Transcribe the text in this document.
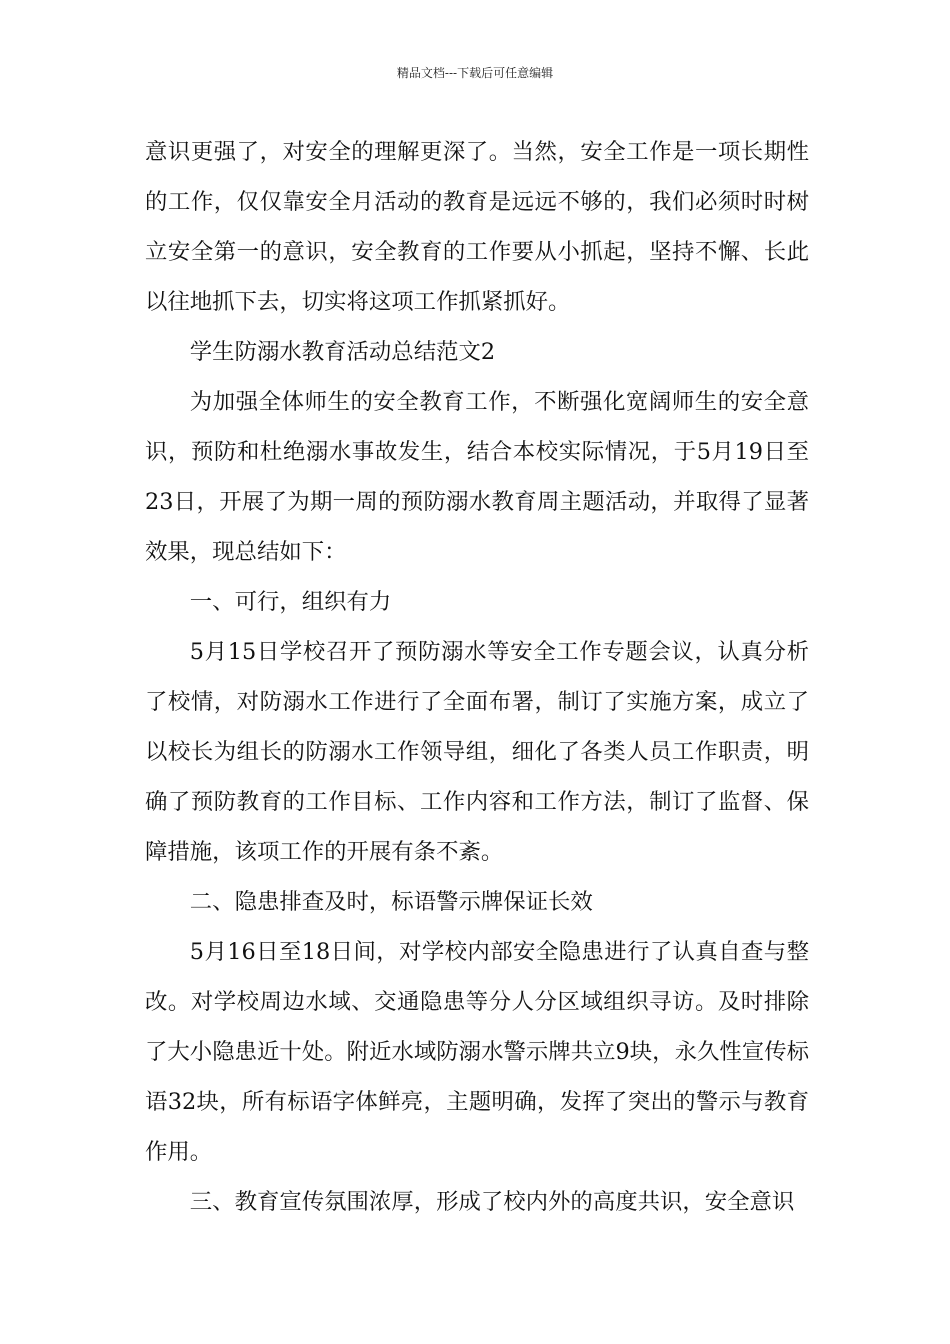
精品文档---下载后可任意编辑

意识更强了，对安全的理解更深了。当然，安全工作是一项长期性的工作，仅仅靠安全月活动的教育是远远不够的，我们必须时时树立安全第一的意识，安全教育的工作要从小抓起，坚持不懈、长此以往地抓下去，切实将这项工作抓紧抓好。

学生防溺水教育活动总结范文2

为加强全体师生的安全教育工作，不断强化宽阔师生的安全意识，预防和杜绝溺水事故发生，结合本校实际情况，于5月19日至23日，开展了为期一周的预防溺水教育周主题活动，并取得了显著效果，现总结如下：

一、可行，组织有力

5月15日学校召开了预防溺水等安全工作专题会议，认真分析了校情，对防溺水工作进行了全面布署，制订了实施方案，成立了以校长为组长的防溺水工作领导组，细化了各类人员工作职责，明确了预防教育的工作目标、工作内容和工作方法，制订了监督、保障措施，该项工作的开展有条不紊。

二、隐患排查及时，标语警示牌保证长效

5月16日至18日间，对学校内部安全隐患进行了认真自查与整改。对学校周边水域、交通隐患等分人分区域组织寻访。及时排除了大小隐患近十处。附近水域防溺水警示牌共立9块，永久性宣传标语32块，所有标语字体鲜亮，主题明确，发挥了突出的警示与教育作用。

三、教育宣传氛围浓厚，形成了校内外的高度共识，安全意识
